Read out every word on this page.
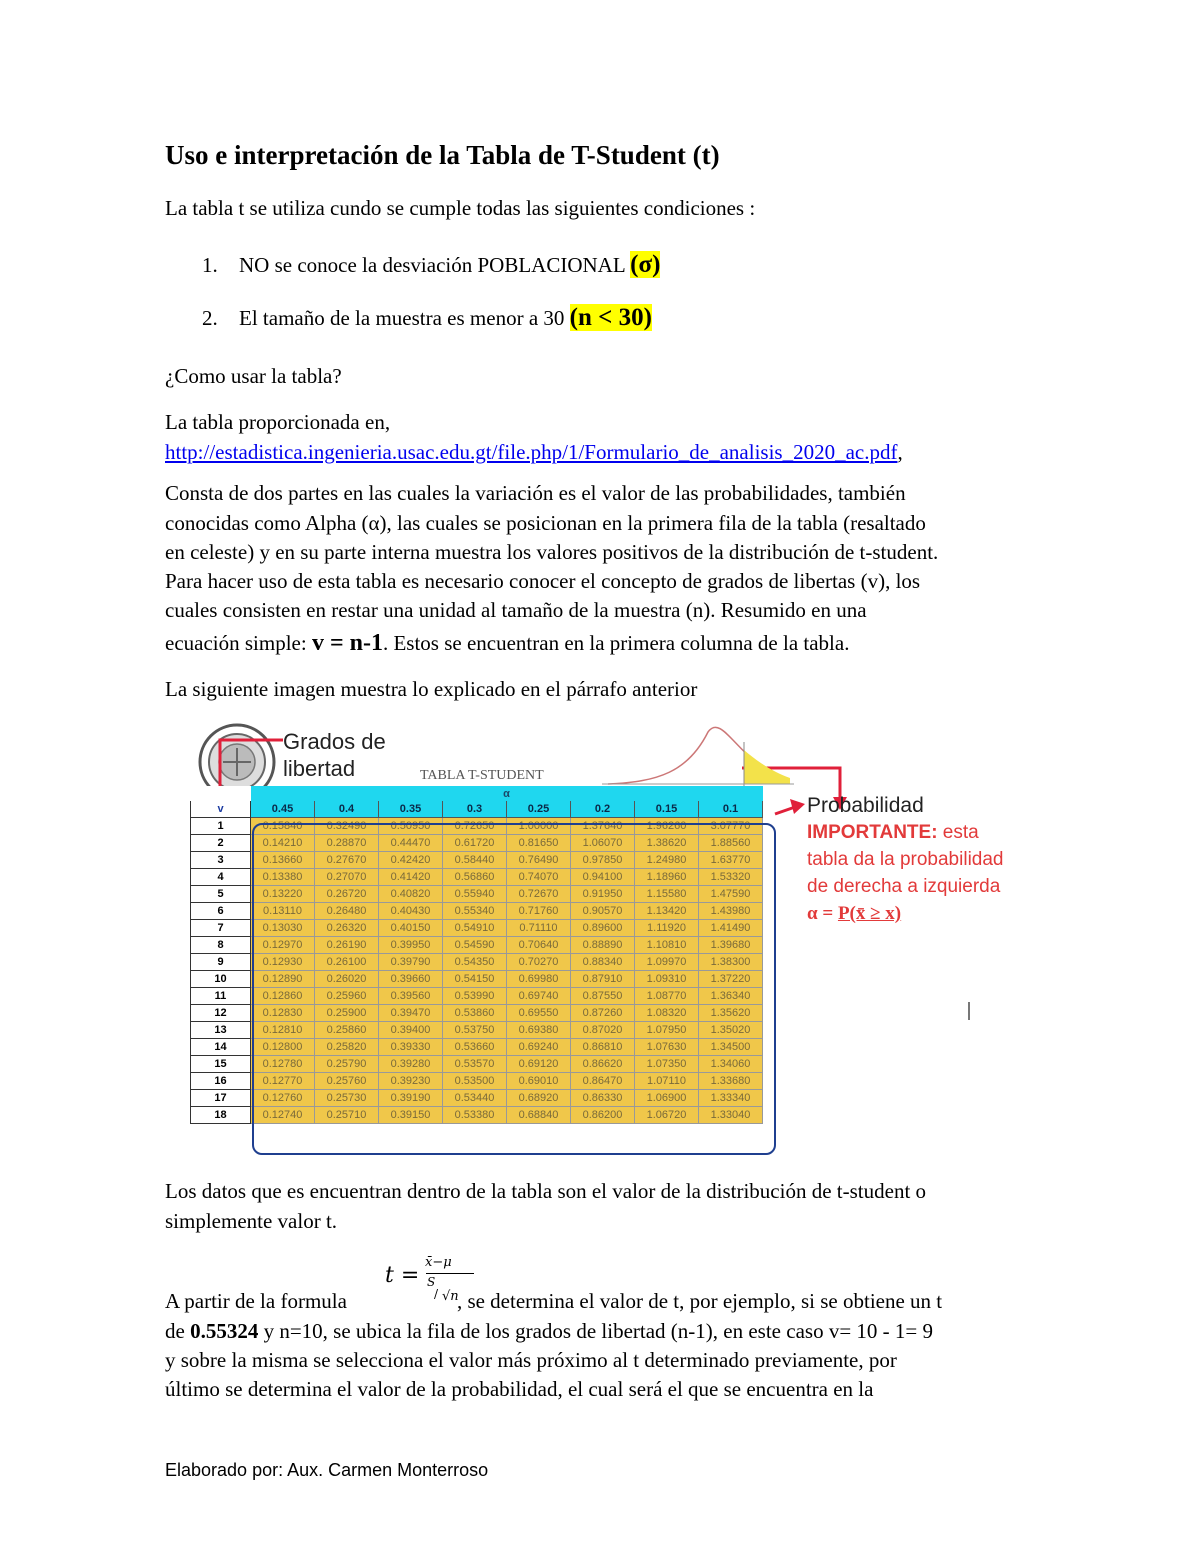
Uso e interpretación de la Tabla de T-Student (t)
La tabla t se utiliza cundo se cumple todas las siguientes condiciones :
1. NO se conoce la desviación POBLACIONAL (σ)
2. El tamaño de la muestra es menor a 30 (n < 30)
¿Como usar la tabla?
La tabla proporcionada en,
http://estadistica.ingenieria.usac.edu.gt/file.php/1/Formulario_de_analisis_2020_ac.pdf,
Consta de dos partes en las cuales la variación es el valor de las probabilidades, también
conocidas como Alpha (α), las cuales se posicionan en la primera fila de la tabla (resaltado
en celeste) y en su parte interna muestra los valores positivos de la distribución de t-student.
Para hacer uso de esta tabla es necesario conocer el concepto de grados de libertas (v), los
cuales consisten en restar una unidad al tamaño de la muestra (n). Resumido en una
ecuación simple: v = n-1. Estos se encuentran en la primera columna de la tabla.
La siguiente imagen muestra lo explicado en el párrafo anterior
Grados de
libertad	TABLA T-STUDENT
	α							
v	0.45	0.4	0.35	0.3	0.25	0.2	0.15	0.1
1	0.15840	0.32490	0.50950	0.72650	1.00000	1.37640	1.96260	3.07770
2	0.14210	0.28870	0.44470	0.61720	0.81650	1.06070	1.38620	1.88560
3	0.13660	0.27670	0.42420	0.58440	0.76490	0.97850	1.24980	1.63770
4	0.13380	0.27070	0.41420	0.56860	0.74070	0.94100	1.18960	1.53320
5	0.13220	0.26720	0.40820	0.55940	0.72670	0.91950	1.15580	1.47590
6	0.13110	0.26480	0.40430	0.55340	0.71760	0.90570	1.13420	1.43980
7	0.13030	0.26320	0.40150	0.54910	0.71110	0.89600	1.11920	1.41490
8	0.12970	0.26190	0.39950	0.54590	0.70640	0.88890	1.10810	1.39680
9	0.12930	0.26100	0.39790	0.54350	0.70270	0.88340	1.09970	1.38300
10	0.12890	0.26020	0.39660	0.54150	0.69980	0.87910	1.09310	1.37220
11	0.12860	0.25960	0.39560	0.53990	0.69740	0.87550	1.08770	1.36340
12	0.12830	0.25900	0.39470	0.53860	0.69550	0.87260	1.08320	1.35620
13	0.12810	0.25860	0.39400	0.53750	0.69380	0.87020	1.07950	1.35020
14	0.12800	0.25820	0.39330	0.53660	0.69240	0.86810	1.07630	1.34500
15	0.12780	0.25790	0.39280	0.53570	0.69120	0.86620	1.07350	1.34060
16	0.12770	0.25760	0.39230	0.53500	0.69010	0.86470	1.07110	1.33680
17	0.12760	0.25730	0.39190	0.53440	0.68920	0.86330	1.06900	1.33340
18	0.12740	0.25710	0.39150	0.53380	0.68840	0.86200	1.06720	1.33040
Probabilidad
IMPORTANTE: esta
tabla da la probabilidad
de derecha a izquierda
α = P(x̄ ≥ x)
Los datos que es encuentran dentro de la tabla son el valor de la distribución de t-student o
simplemente valor t.
t =
x̄−μ
S
/ √n
A partir de la formula	, se determina el valor de t, por ejemplo, si se obtiene un t
de 0.55324 y n=10, se ubica la fila de los grados de libertad (n-1), en este caso v= 10 - 1= 9
y sobre la misma se selecciona el valor más próximo al t determinado previamente, por
último se determina el valor de la probabilidad, el cual será el que se encuentra en la
Elaborado por: Aux. Carmen Monterroso
